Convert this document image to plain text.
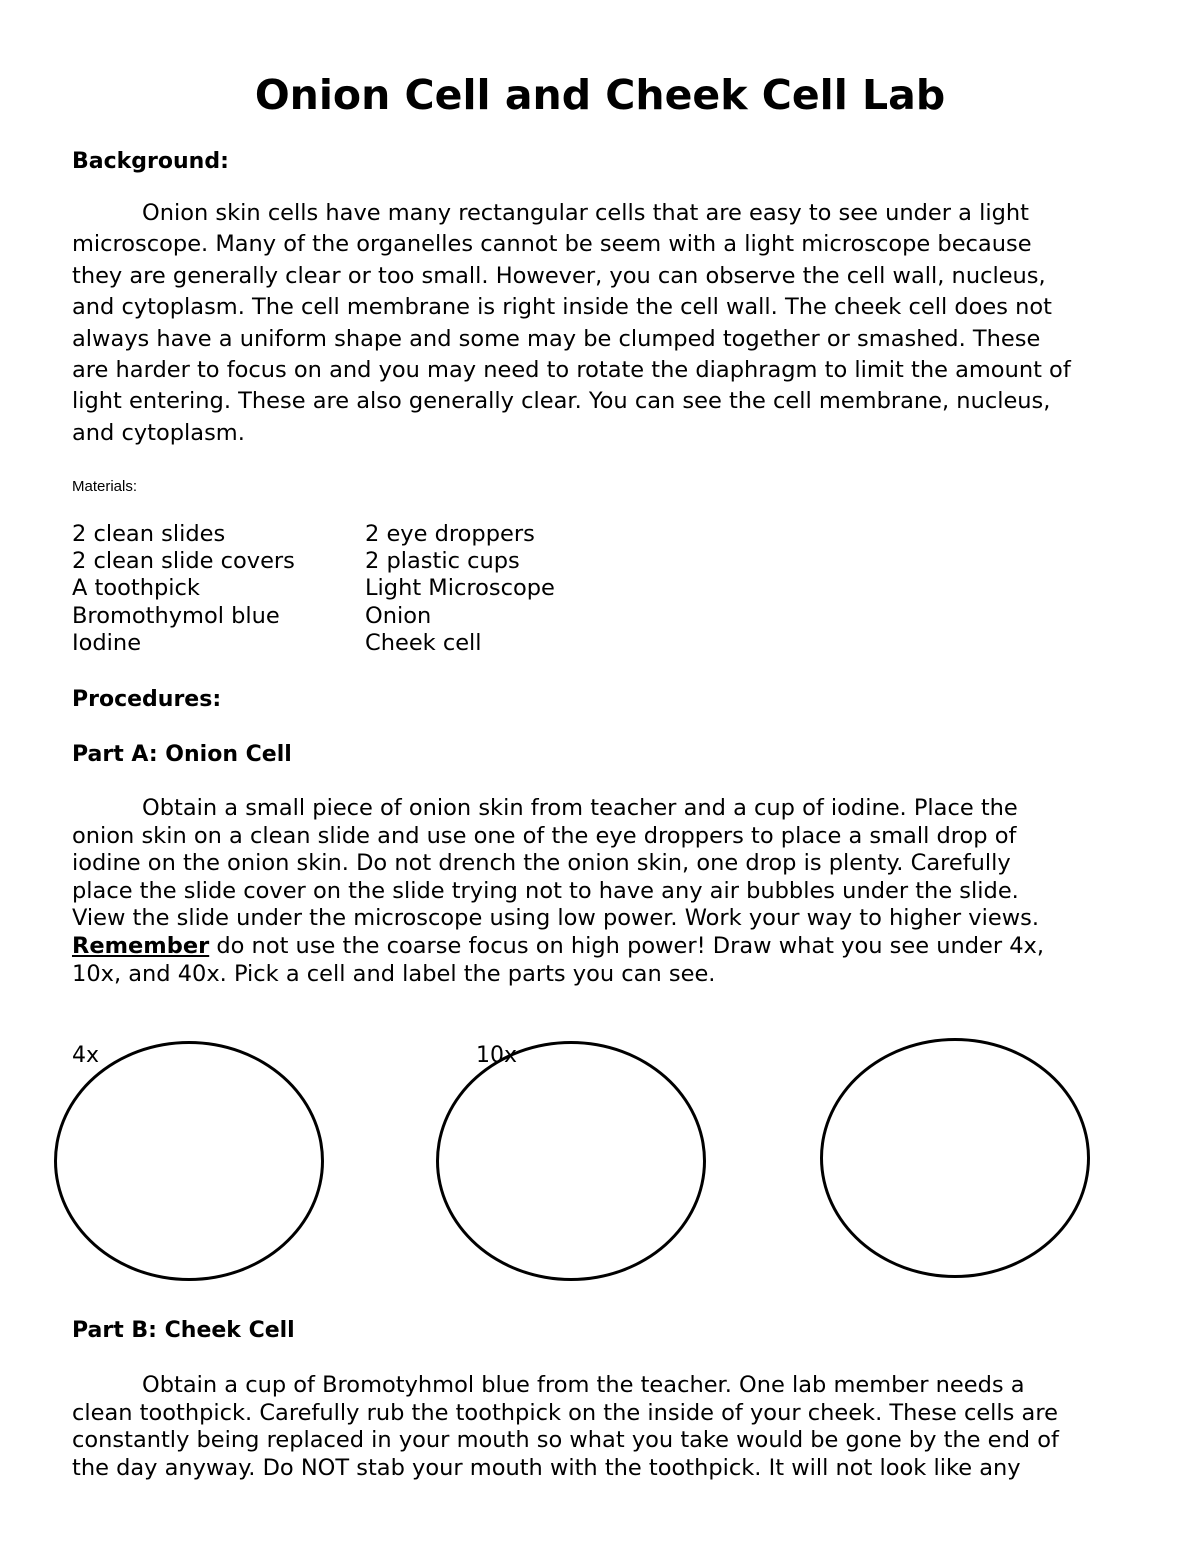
Onion Cell and Cheek Cell Lab
Background:
Onion skin cells have many rectangular cells that are easy to see under a light
microscope. Many of the organelles cannot be seem with a light microscope because
they are generally clear or too small. However, you can observe the cell wall, nucleus,
and cytoplasm. The cell membrane is right inside the cell wall. The cheek cell does not
always have a uniform shape and some may be clumped together or smashed. These
are harder to focus on and you may need to rotate the diaphragm to limit the amount of
light entering. These are also generally clear. You can see the cell membrane, nucleus,
and cytoplasm.
Materials:
2 clean slides
2 clean slide covers
A toothpick
Bromothymol blue
Iodine
2 eye droppers
2 plastic cups
Light Microscope
Onion
Cheek cell
Procedures:
Part A: Onion Cell
Obtain a small piece of onion skin from teacher and a cup of iodine. Place the
onion skin on a clean slide and use one of the eye droppers to place a small drop of
iodine on the onion skin. Do not drench the onion skin, one drop is plenty. Carefully
place the slide cover on the slide trying not to have any air bubbles under the slide.
View the slide under the microscope using low power. Work your way to higher views.
Remember do not use the coarse focus on high power! Draw what you see under 4x,
10x, and 40x. Pick a cell and label the parts you can see.
4x	10x
Part B: Cheek Cell
Obtain a cup of Bromotyhmol blue from the teacher. One lab member needs a
clean toothpick. Carefully rub the toothpick on the inside of your cheek. These cells are
constantly being replaced in your mouth so what you take would be gone by the end of
the day anyway. Do NOT stab your mouth with the toothpick. It will not look like any
